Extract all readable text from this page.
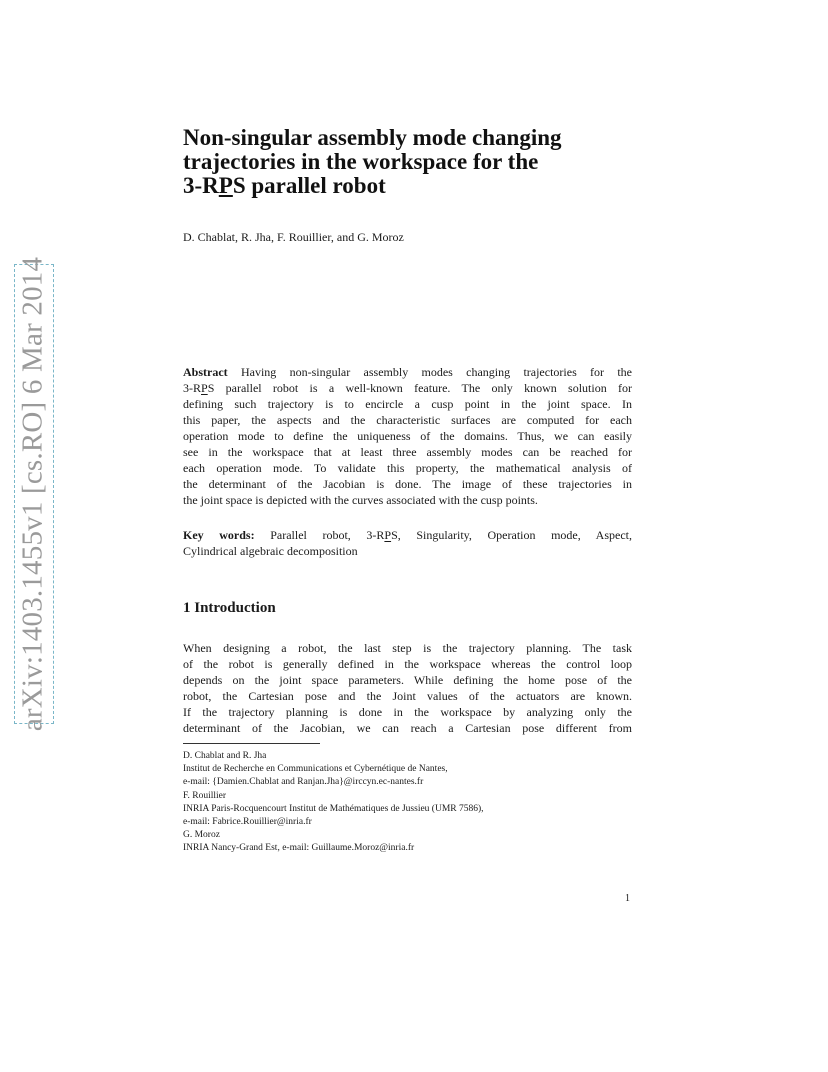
arXiv:1403.1455v1 [cs.RO] 6 Mar 2014
Non-singular assembly mode changing
trajectories in the workspace for the
3-RPS parallel robot
D. Chablat, R. Jha, F. Rouillier, and G. Moroz
Abstract Having non-singular assembly modes changing trajectories for the
3-RPS parallel robot is a well-known feature. The only known solution for
defining such trajectory is to encircle a cusp point in the joint space. In
this paper, the aspects and the characteristic surfaces are computed for each
operation mode to define the uniqueness of the domains. Thus, we can easily
see in the workspace that at least three assembly modes can be reached for
each operation mode. To validate this property, the mathematical analysis of
the determinant of the Jacobian is done. The image of these trajectories in
the joint space is depicted with the curves associated with the cusp points.
Key words: Parallel robot, 3-RPS, Singularity, Operation mode, Aspect,
Cylindrical algebraic decomposition
1 Introduction
When designing a robot, the last step is the trajectory planning. The task
of the robot is generally defined in the workspace whereas the control loop
depends on the joint space parameters. While defining the home pose of the
robot, the Cartesian pose and the Joint values of the actuators are known.
If the trajectory planning is done in the workspace by analyzing only the
determinant of the Jacobian, we can reach a Cartesian pose different from
D. Chablat and R. Jha
Institut de Recherche en Communications et Cybernétique de Nantes,
e-mail: {Damien.Chablat and Ranjan.Jha}@irccyn.ec-nantes.fr
F. Rouillier
INRIA Paris-Rocquencourt Institut de Mathématiques de Jussieu (UMR 7586),
e-mail: Fabrice.Rouillier@inria.fr
G. Moroz
INRIA Nancy-Grand Est, e-mail: Guillaume.Moroz@inria.fr
1
